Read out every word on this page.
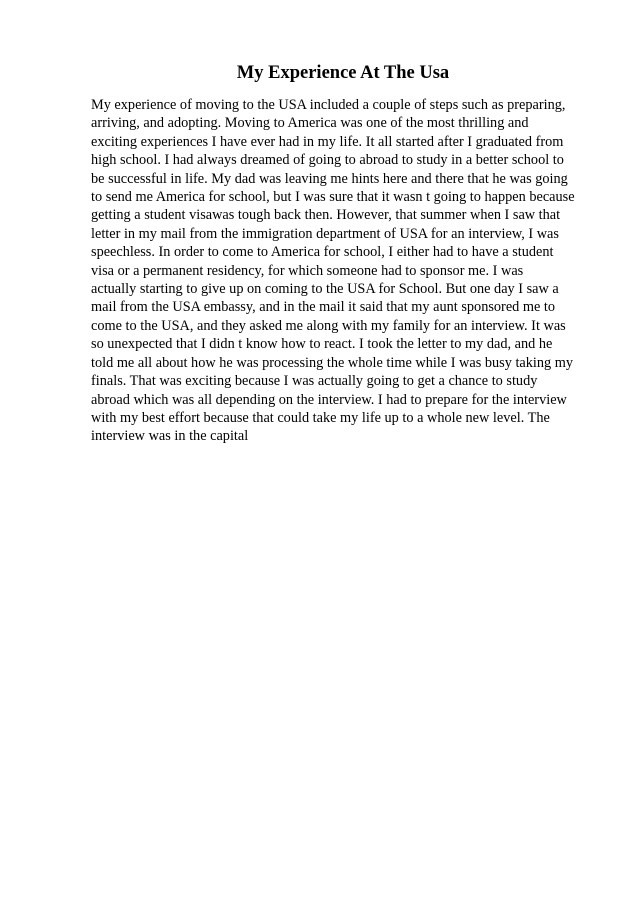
My Experience At The Usa
My experience of moving to the USA included a couple of steps such as preparing,
arriving, and adopting. Moving to America was one of the most thrilling and
exciting experiences I have ever had in my life. It all started after I graduated from
high school. I had always dreamed of going to abroad to study in a better school to
be successful in life. My dad was leaving me hints here and there that he was going
to send me America for school, but I was sure that it wasn t going to happen because
getting a student visawas tough back then. However, that summer when I saw that
letter in my mail from the immigration department of USA for an interview, I was
speechless. In order to come to America for school, I either had to have a student
visa or a permanent residency, for which someone had to sponsor me. I was
actually starting to give up on coming to the USA for School. But one day I saw a
mail from the USA embassy, and in the mail it said that my aunt sponsored me to
come to the USA, and they asked me along with my family for an interview. It was
so unexpected that I didn t know how to react. I took the letter to my dad, and he
told me all about how he was processing the whole time while I was busy taking my
finals. That was exciting because I was actually going to get a chance to study
abroad which was all depending on the interview. I had to prepare for the interview
with my best effort because that could take my life up to a whole new level. The
interview was in the capital
